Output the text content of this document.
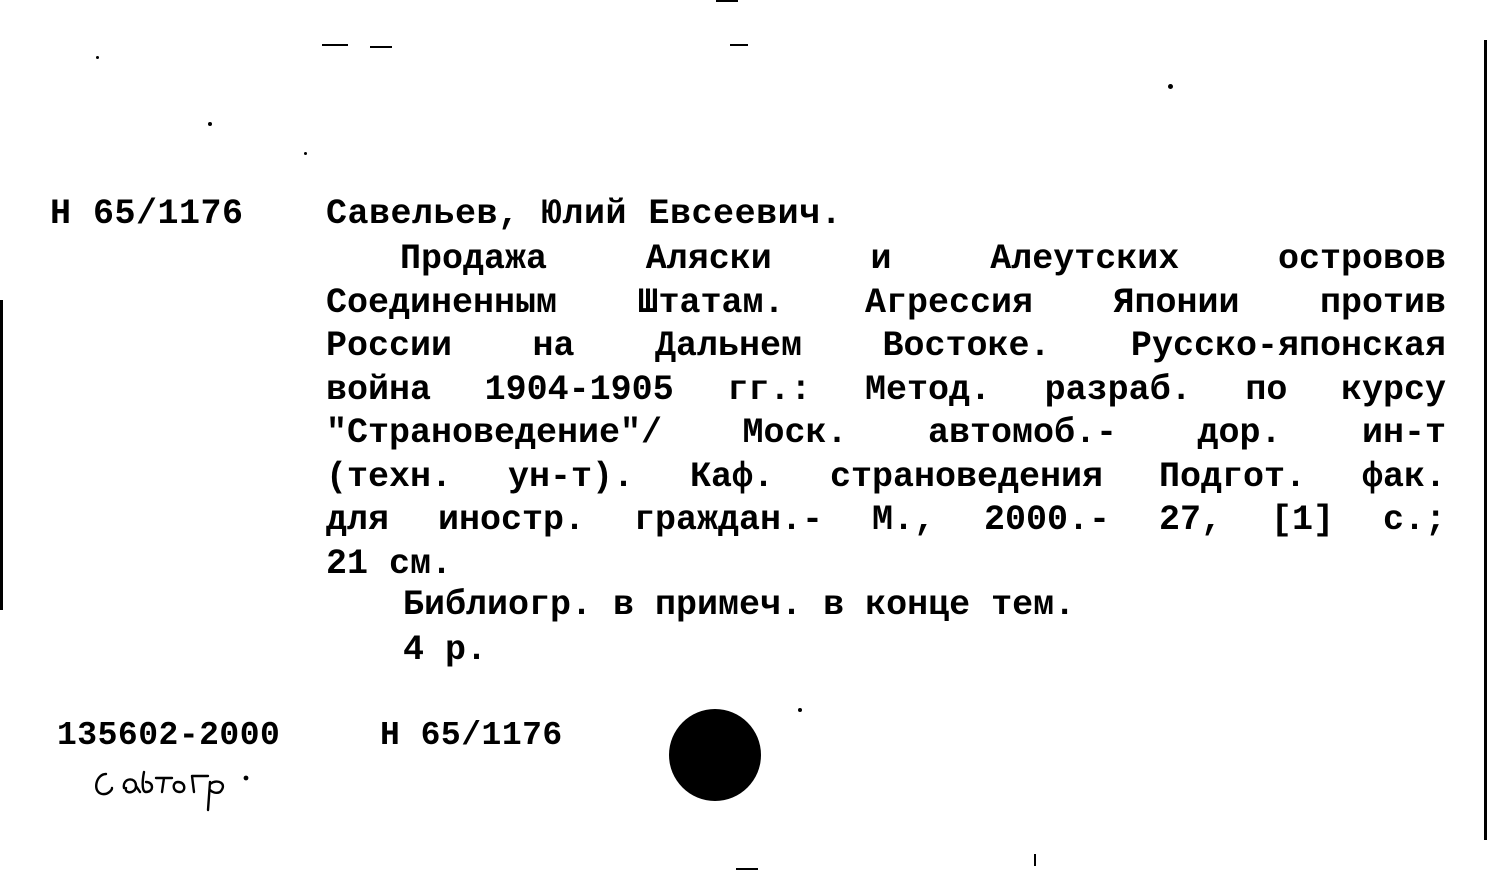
Н 65/1176 Савельев, Юлий Евсеевич.
Продажа Аляски и Алеутских островов
Соединенным Штатам. Агрессия Японии против
России на Дальнем Востоке. Русско-японская
война 1904-1905 гг.: Метод. разраб. по курсу
"Страноведение"/ Моск. автомоб.- дор. ин-т
(техн. ун-т). Каф. страноведения Подгот. фак.
для иностр. граждан.- М., 2000.- 27, [1] с.;
21 см.
Библиогр. в примеч. в конце тем.
4 р.
135602-2000	Н 65/1176
